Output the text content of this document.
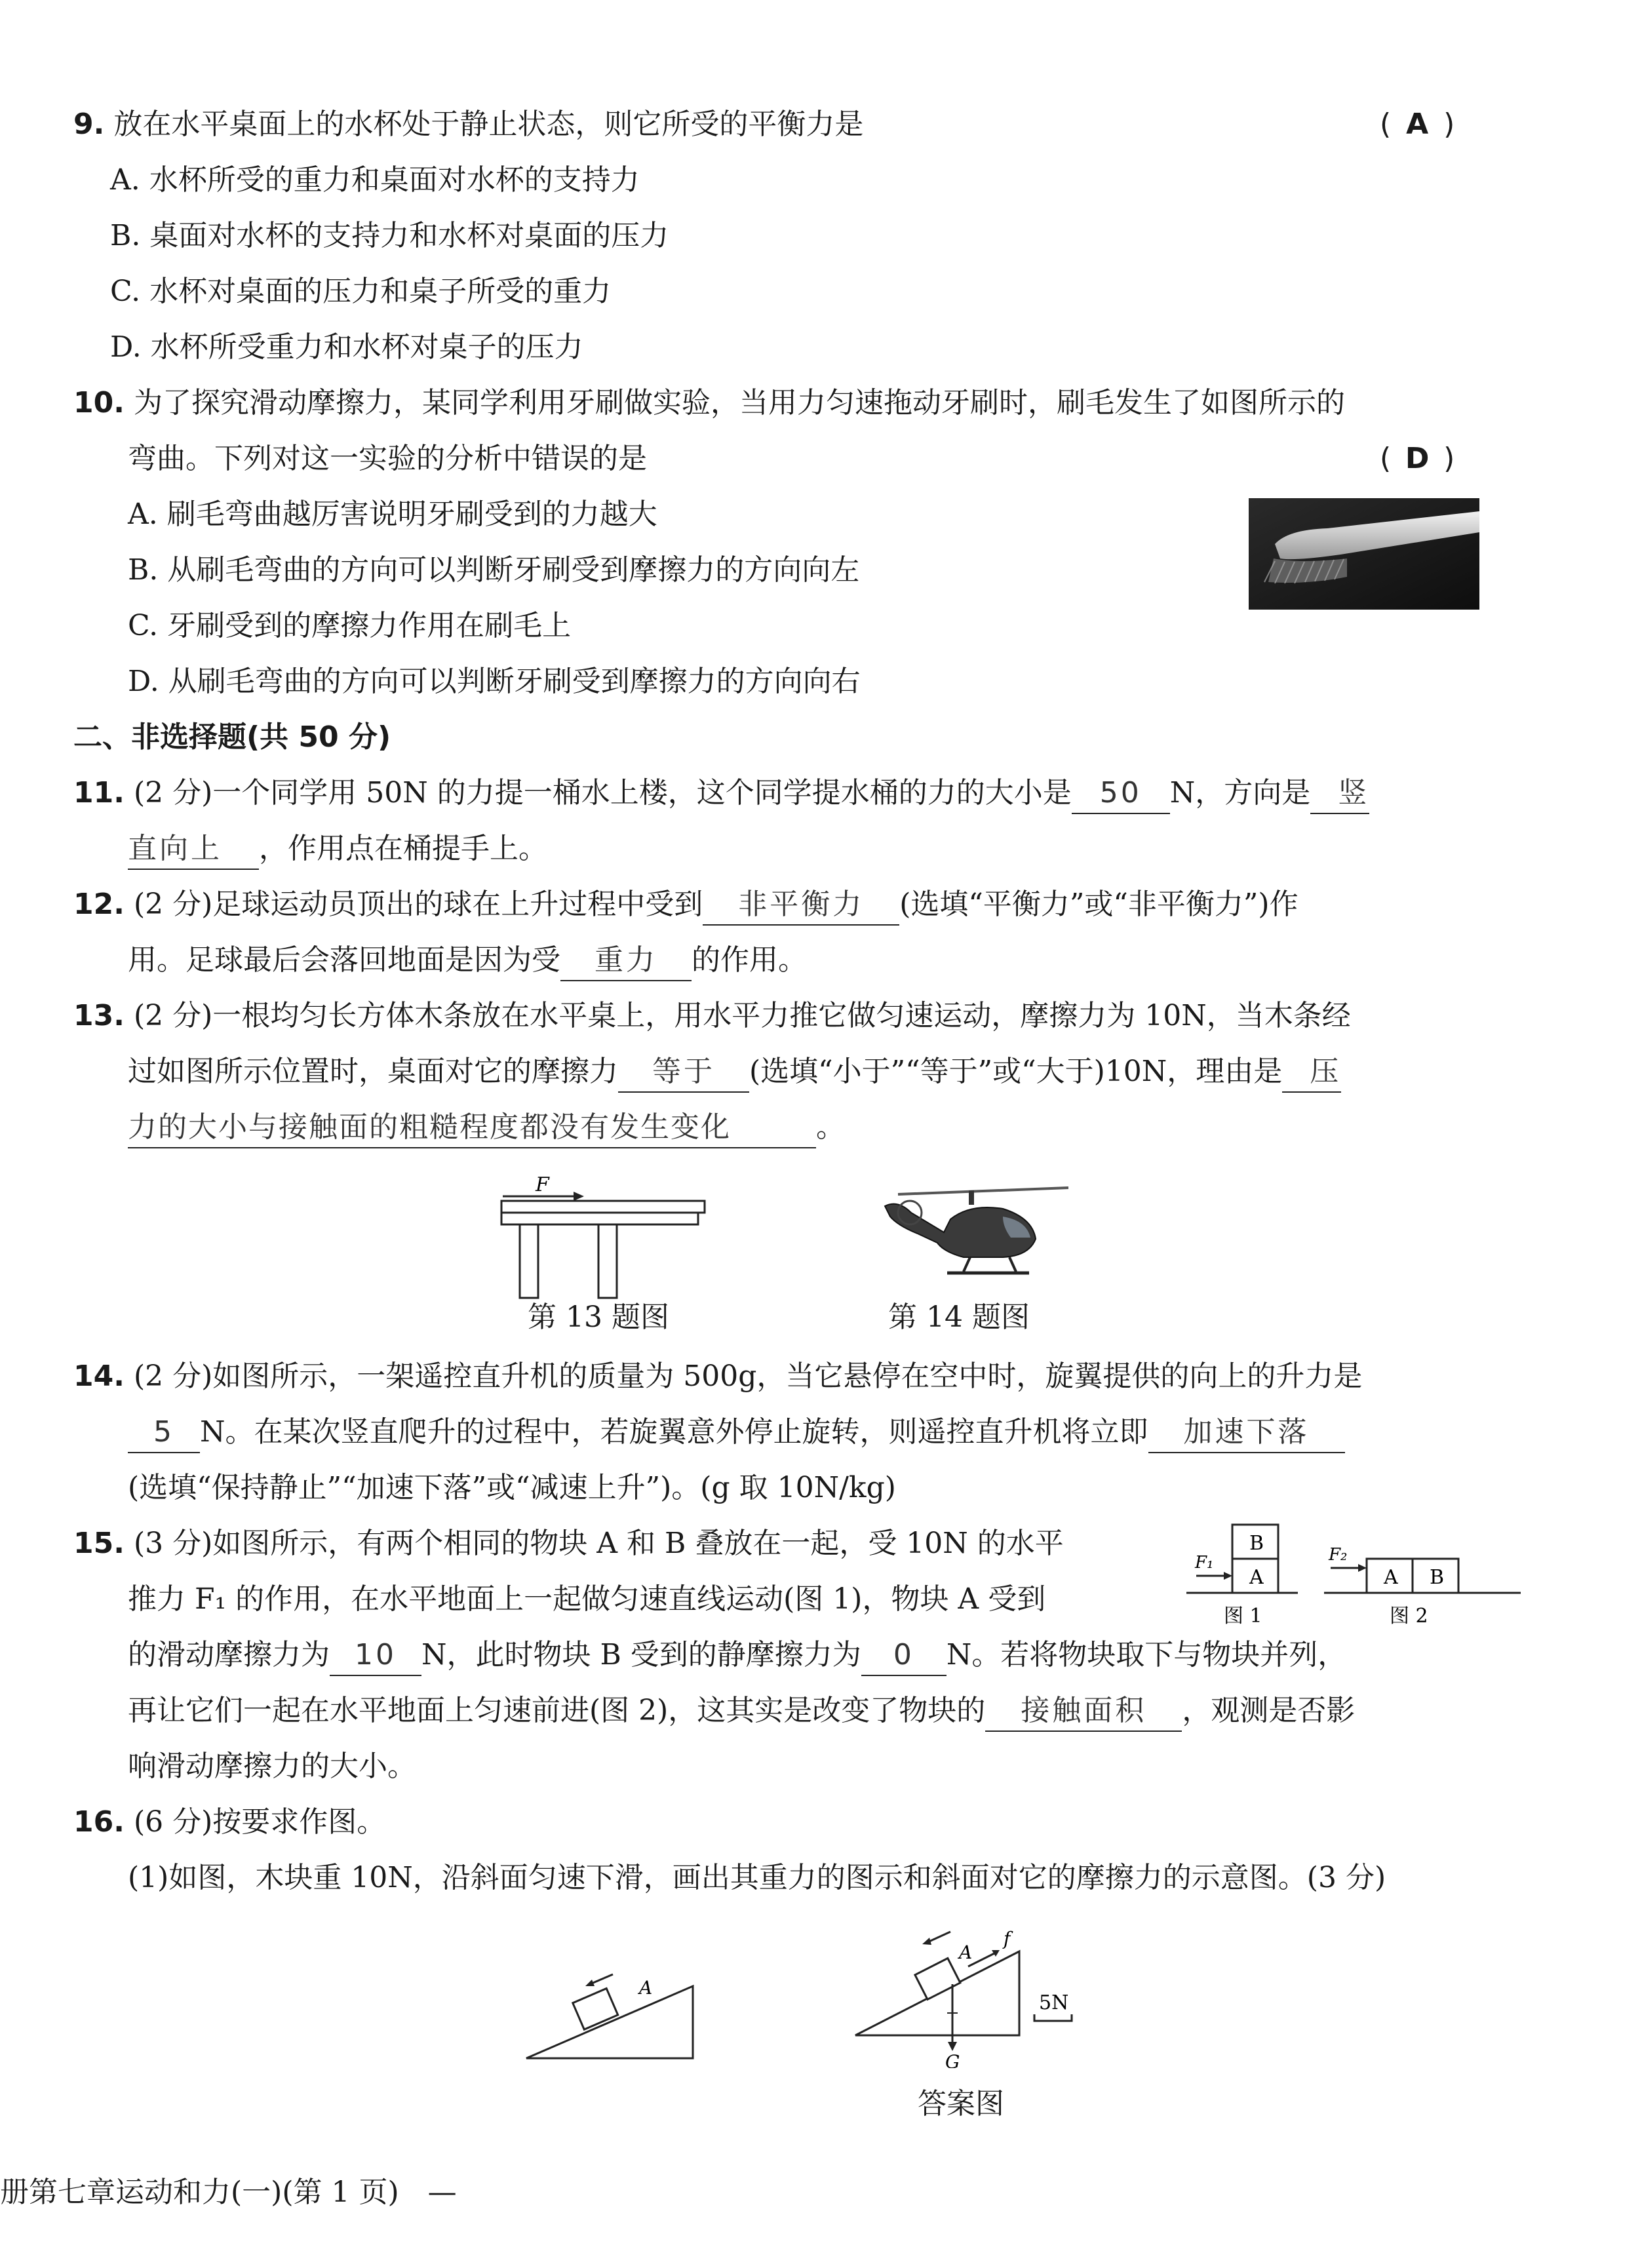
9. 放在水平桌面上的水杯处于静止状态，则它所受的平衡力是	( A )
A. 水杯所受的重力和桌面对水杯的支持力
B. 桌面对水杯的支持力和水杯对桌面的压力
C. 水杯对桌面的压力和桌子所受的重力
D. 水杯所受重力和水杯对桌子的压力
10. 为了探究滑动摩擦力，某同学利用牙刷做实验，当用力匀速拖动牙刷时，刷毛发生了如图所示的
弯曲。下列对这一实验的分析中错误的是	( D )
A. 刷毛弯曲越厉害说明牙刷受到的力越大
B. 从刷毛弯曲的方向可以判断牙刷受到摩擦力的方向向左
C. 牙刷受到的摩擦力作用在刷毛上
D. 从刷毛弯曲的方向可以判断牙刷受到摩擦力的方向向右
二、非选择题(共 50 分)
11. (2 分)一个同学用 50N 的力提一桶水上楼，这个同学提水桶的力的大小是 50 N，方向是 竖
直向上 ，作用点在桶提手上。
12. (2 分)足球运动员顶出的球在上升过程中受到 非平衡力 (选填“平衡力”或“非平衡力”)作
用。足球最后会落回地面是因为受 重力 的作用。
13. (2 分)一根均匀长方体木条放在水平桌上，用水平力推它做匀速运动，摩擦力为 10N，当木条经
过如图所示位置时，桌面对它的摩擦力 等于 (选填“小于”“等于”或“大于)10N，理由是 压
力的大小与接触面的粗糙程度都没有发生变化	。
F
第 13 题图	第 14 题图
14. (2 分)如图所示，一架遥控直升机的质量为 500g，当它悬停在空中时，旋翼提供的向上的升力是
5 N。在某次竖直爬升的过程中，若旋翼意外停止旋转，则遥控直升机将立即 加速下落
(选填“保持静止”“加速下落”或“减速上升”)。(g 取 10N/kg)
15. (3 分)如图所示，有两个相同的物块 A 和 B 叠放在一起，受 10N 的水平
推力 F₁ 的作用，在水平地面上一起做匀速直线运动(图 1)，物块 A 受到
的滑动摩擦力为 10 N，此时物块 B 受到的静摩擦力为 0 N。若将物块取下与物块并列，
再让它们一起在水平地面上匀速前进(图 2)，这其实是改变了物块的 接触面积 ，观测是否影
响滑动摩擦力的大小。
A
B
F₁
图 1
A B
F₂
图 2
16. (6 分)按要求作图。
(1)如图，木块重 10N，沿斜面匀速下滑，画出其重力的图示和斜面对它的摩擦力的示意图。(3 分)
A
A
f
G
5N
答案图
册第七章运动和力(一)(第 1 页)　—
